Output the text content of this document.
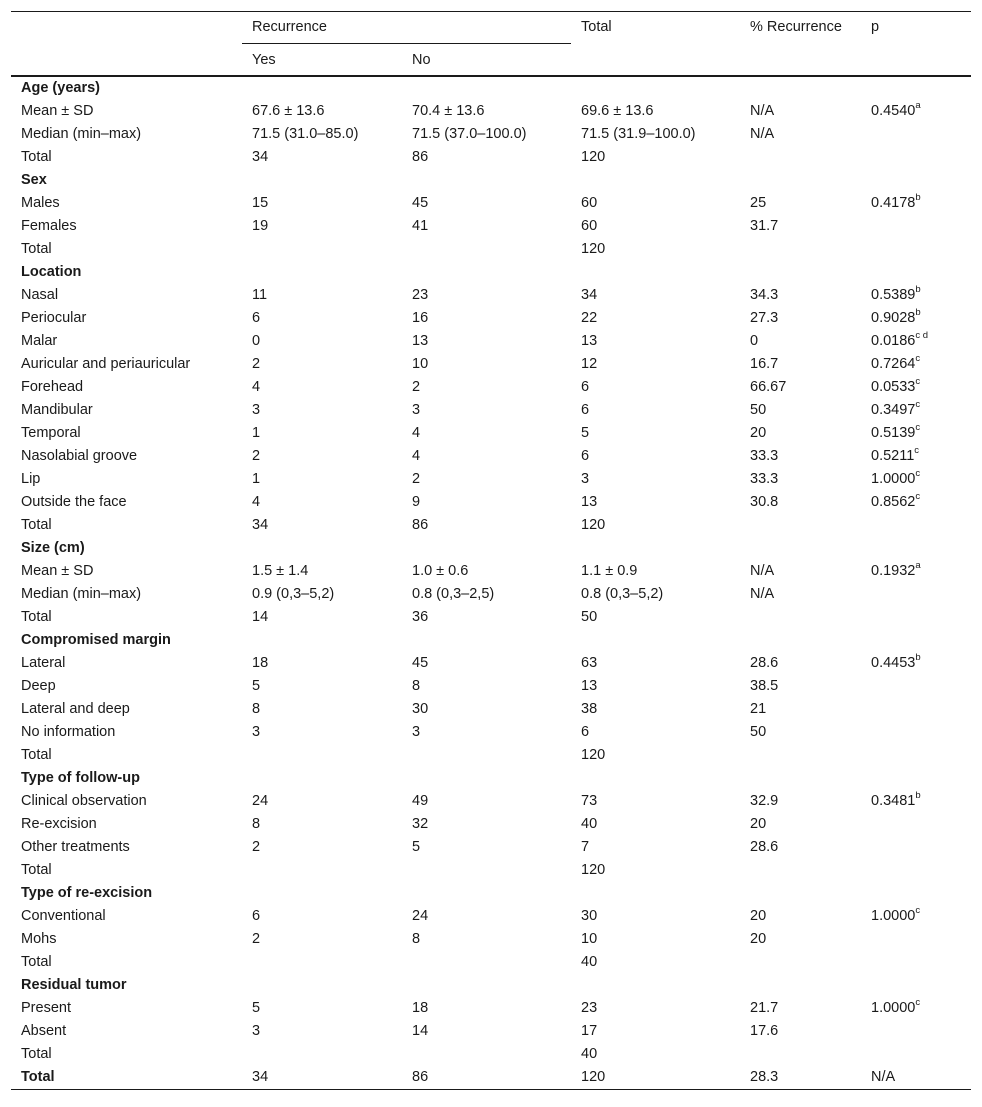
	Recurrence		Total	% Recurrence	p
	Yes	No			
Age (years)					
Mean ± SD	67.6 ± 13.6	70.4 ± 13.6	69.6 ± 13.6	N/A	0.4540$^a$
Median (min–max)	71.5 (31.0–85.0)	71.5 (37.0–100.0)	71.5 (31.9–100.0)	N/A	
Total	34	86	120		
Sex					
Males	15	45	60	25	0.4178$^b$
Females	19	41	60	31.7	
Total			120		
Location					
Nasal	11	23	34	34.3	0.5389$^b$
Periocular	6	16	22	27.3	0.9028$^b$
Malar	0	13	13	0	$0.0186^{c d}$
Auricular and periauricular	2	10	12	16.7	0.7264$^c$
Forehead	4	2	6	66.67	0.0533$^c$
Mandibular	3	3	6	50	0.3497$^c$
Temporal	1	4	5	20	0.5139$^c$
Nasolabial groove	2	4	6	33.3	0.5211$^c$
Lip	1	2	3	33.3	1.0000$^c$
Outside the face	4	9	13	30.8	0.8562$^c$
Total	34	86	120		
Size (cm)					
Mean ± SD	1.5 ± 1.4	1.0 ± 0.6	1.1 ± 0.9	N/A	0.1932$^a$
Median (min–max)	0.9 (0,3–5,2)	0.8 (0,3–2,5)	0.8 (0,3–5,2)	N/A	
Total	14	36	50		
Compromised margin					
Lateral	18	45	63	28.6	0.4453$^b$
Deep	5	8	13	38.5	
Lateral and deep	8	30	38	21	
No information	3	3	6	50	
Total			120		
Type of follow-up					
Clinical observation	24	49	73	32.9	0.3481$^b$
Re-excision	8	32	40	20	
Other treatments	2	5	7	28.6	
Total			120		
Type of re-excision					
Conventional	6	24	30	20	1.0000$^c$
Mohs	2	8	10	20	
Total			40		
Residual tumor					
Present	5	18	23	21.7	1.0000$^c$
Absent	3	14	17	17.6	
Total			40		
Total	34	86	120	28.3	N/A
